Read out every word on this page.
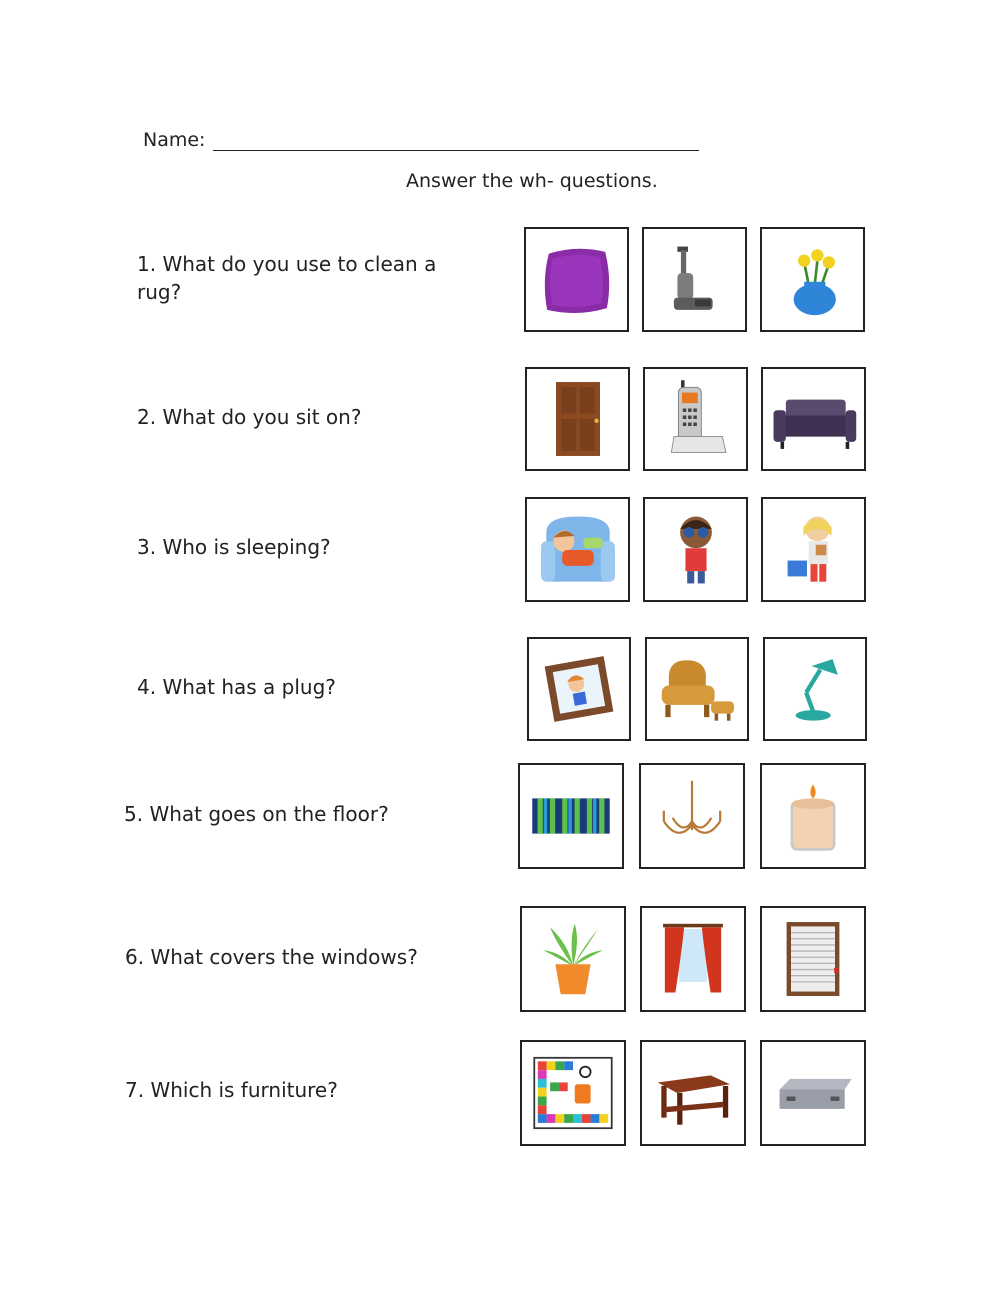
Name:
Answer the wh- questions.
1. What do you use to clean a rug?
2. What do you sit on?
3. Who is sleeping?
4. What has a plug?
5. What goes on the floor?
6. What covers the windows?
7. Which is furniture?
